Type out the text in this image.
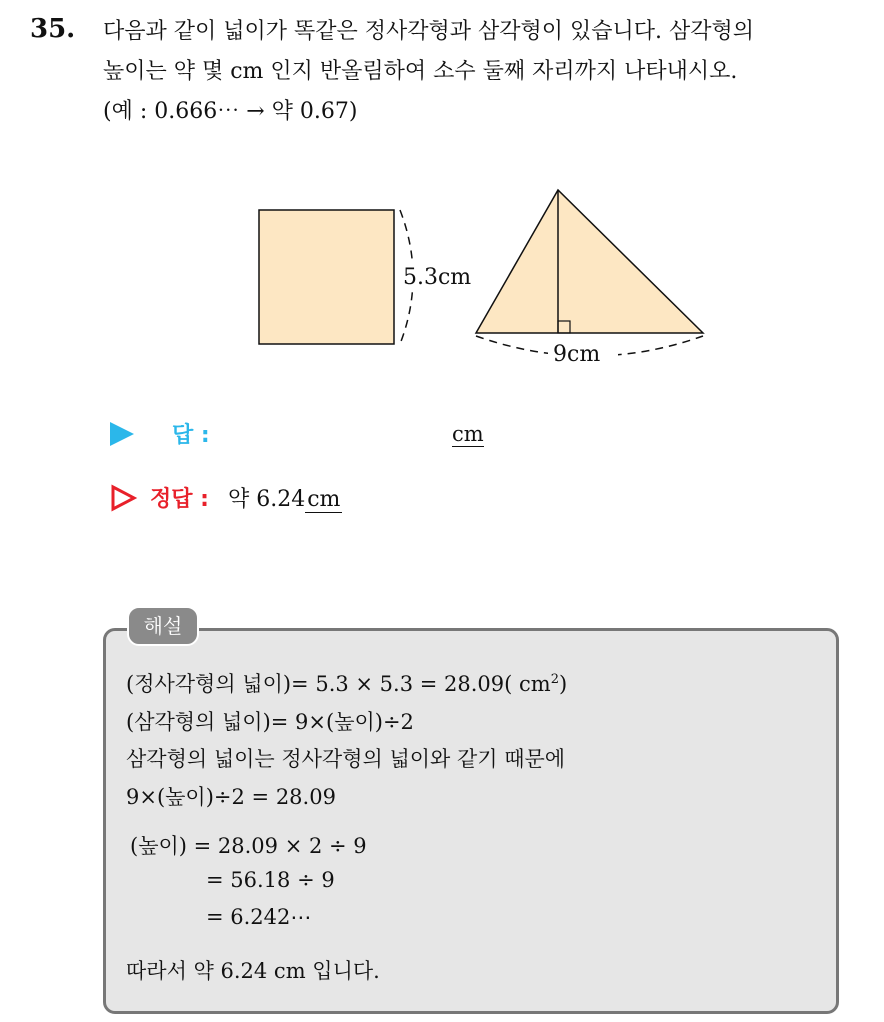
35. 다음과 같이 넓이가 똑같은 정사각형과 삼각형이 있습니다. 삼각형의
높이는 약 몇 cm 인지 반올림하여 소수 둘째 자리까지 나타내시오.
(예 : 0.666⋯ → 약 0.67)
5.3cm
9cm
답 :	cm
정답 : 약 6.24cm
해설
(정사각형의 넓이)= 5.3 × 5.3 = 28.09( $cm^2$)
(삼각형의 넓이)= 9×(높이)÷2
삼각형의 넓이는 정사각형의 넓이와 같기 때문에
9×(높이)÷2 = 28.09
(높이) = 28.09 × 2 ÷ 9
= 56.18 ÷ 9
= 6.242⋯
따라서 약 6.24 cm 입니다.
